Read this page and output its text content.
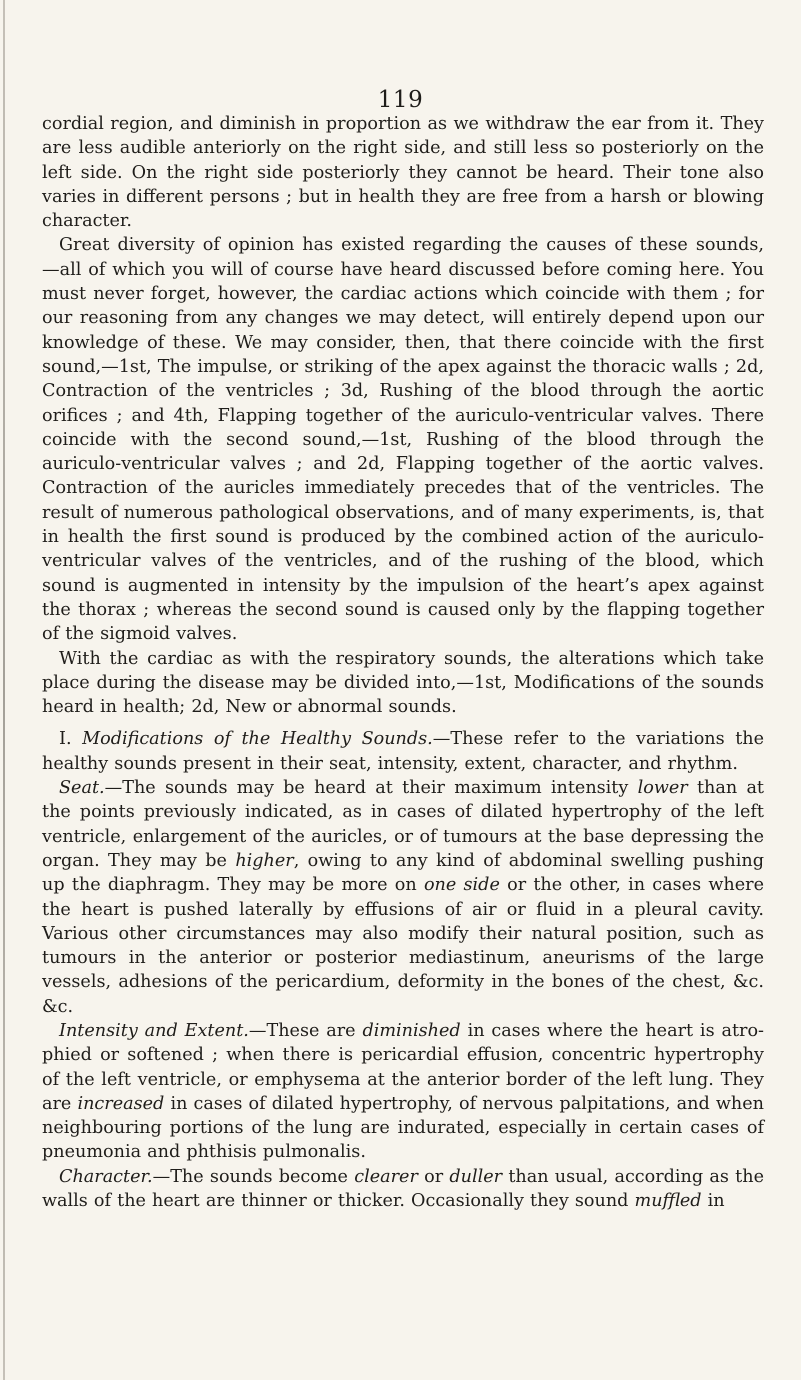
119

cordial region, and diminish in proportion as we withdraw the ear from it. They are less audible anteriorly on the right side, and still less so posteriorly on the left side. On the right side posteriorly they cannot be heard. Their tone also varies in different persons ; but in health they are free from a harsh or blowing character.

Great diversity of opinion has existed regarding the causes of these sounds, —all of which you will of course have heard discussed before coming here. You must never forget, however, the cardiac actions which coincide with them ; for our reasoning from any changes we may detect, will entirely depend upon our knowledge of these. We may consider, then, that there coincide with the first sound,—1st, The impulse, or striking of the apex against the thoracic walls ; 2d, Contraction of the ventricles ; 3d, Rushing of the blood through the aortic orifices ; and 4th, Flapping together of the auriculo-ventricular valves. There coincide with the second sound,—1st, Rushing of the blood through the auriculo-ventricular valves ; and 2d, Flapping together of the aortic valves. Contraction of the auricles immediately precedes that of the ventricles. The result of numerous pathological observations, and of many experiments, is, that in health the first sound is produced by the combined action of the auriculo-ventricular valves of the ventricles, and of the rushing of the blood, which sound is augmented in intensity by the impulsion of the heart’s apex against the thorax ; whereas the second sound is caused only by the flapping together of the sigmoid valves.

With the cardiac as with the respiratory sounds, the alterations which take place during the disease may be divided into,—1st, Modifications of the sounds heard in health; 2d, New or abnormal sounds.

I. Modifications of the Healthy Sounds.—These refer to the variations the healthy sounds present in their seat, intensity, extent, character, and rhythm.

Seat.—The sounds may be heard at their maximum intensity lower than at the points previously indicated, as in cases of dilated hypertrophy of the left ventricle, enlargement of the auricles, or of tumours at the base depressing the organ. They may be higher, owing to any kind of abdominal swelling pushing up the diaphragm. They may be more on one side or the other, in cases where the heart is pushed laterally by effusions of air or fluid in a pleural cavity. Various other circumstances may also modify their natural position, such as tumours in the anterior or posterior mediastinum, aneurisms of the large vessels, adhesions of the pericardium, deformity in the bones of the chest, &c. &c.

Intensity and Extent.—These are diminished in cases where the heart is atrophied or softened ; when there is pericardial effusion, concentric hypertrophy of the left ventricle, or emphysema at the anterior border of the left lung. They are increased in cases of dilated hypertrophy, of nervous palpitations, and when neighbouring portions of the lung are indurated, especially in certain cases of pneumonia and phthisis pulmonalis.

Character.—The sounds become clearer or duller than usual, according as the walls of the heart are thinner or thicker. Occasionally they sound muffled in
